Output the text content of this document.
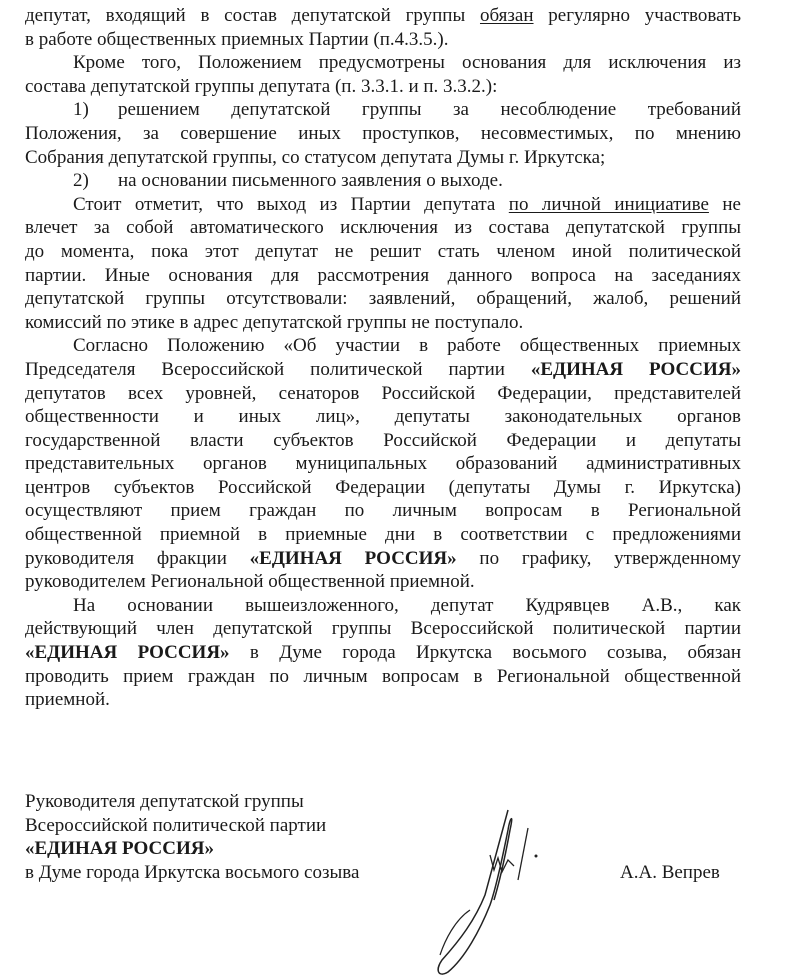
депутат, входящий в состав депутатской группы обязан регулярно участвовать
в работе общественных приемных Партии (п.4.3.5.).
Кроме того, Положением предусмотрены основания для исключения из
состава депутатской группы депутата (п. 3.3.1. и п. 3.3.2.):
1) решением депутатской группы за несоблюдение требований
Положения, за совершение иных проступков, несовместимых, по мнению
Собрания депутатской группы, со статусом депутата Думы г. Иркутска;
2) на основании письменного заявления о выходе.
Стоит отметит, что выход из Партии депутата по личной инициативе не
влечет за собой автоматического исключения из состава депутатской группы
до момента, пока этот депутат не решит стать членом иной политической
партии. Иные основания для рассмотрения данного вопроса на заседаниях
депутатской группы отсутствовали: заявлений, обращений, жалоб, решений
комиссий по этике в адрес депутатской группы не поступало.
Согласно Положению «Об участии в работе общественных приемных
Председателя Всероссийской политической партии «ЕДИНАЯ РОССИЯ»
депутатов всех уровней, сенаторов Российской Федерации, представителей
общественности и иных лиц», депутаты законодательных органов
государственной власти субъектов Российской Федерации и депутаты
представительных органов муниципальных образований административных
центров субъектов Российской Федерации (депутаты Думы г. Иркутска)
осуществляют прием граждан по личным вопросам в Региональной
общественной приемной в приемные дни в соответствии с предложениями
руководителя фракции «ЕДИНАЯ РОССИЯ» по графику, утвержденному
руководителем Региональной общественной приемной.
На основании вышеизложенного, депутат Кудрявцев А.В., как
действующий член депутатской группы Всероссийской политической партии
«ЕДИНАЯ РОССИЯ» в Думе города Иркутска восьмого созыва, обязан
проводить прием граждан по личным вопросам в Региональной общественной
приемной.
Руководителя депутатской группы
Всероссийской политической партии
«ЕДИНАЯ РОССИЯ»
в Думе города Иркутска восьмого созыва	А.А. Вепрев
